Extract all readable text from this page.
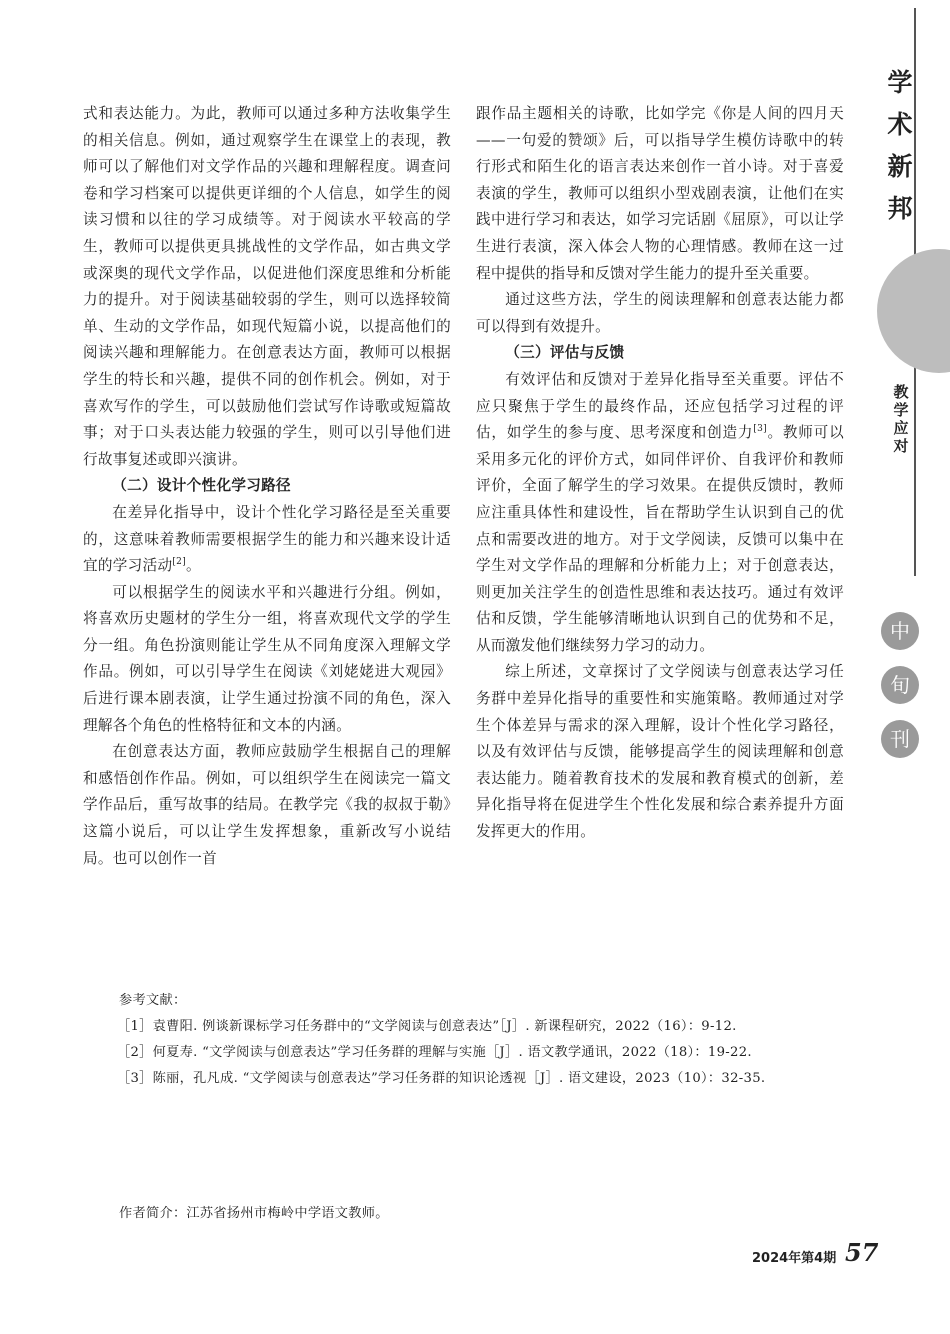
学
术
新
邦
教
学
应
对
中
旬
刊

式和表达能力。为此，教师可以通过多种方法收集学生的相关信息。例如，通过观察学生在课堂上的表现，教师可以了解他们对文学作品的兴趣和理解程度。调查问卷和学习档案可以提供更详细的个人信息，如学生的阅读习惯和以往的学习成绩等。对于阅读水平较高的学生，教师可以提供更具挑战性的文学作品，如古典文学或深奥的现代文学作品，以促进他们深度思维和分析能力的提升。对于阅读基础较弱的学生，则可以选择较简单、生动的文学作品，如现代短篇小说，以提高他们的阅读兴趣和理解能力。在创意表达方面，教师可以根据学生的特长和兴趣，提供不同的创作机会。例如，对于喜欢写作的学生，可以鼓励他们尝试写作诗歌或短篇故事；对于口头表达能力较强的学生，则可以引导他们进行故事复述或即兴演讲。

（二）设计个性化学习路径

在差异化指导中，设计个性化学习路径是至关重要的，这意味着教师需要根据学生的能力和兴趣来设计适宜的学习活动[2]。

可以根据学生的阅读水平和兴趣进行分组。例如，将喜欢历史题材的学生分一组，将喜欢现代文学的学生分一组。角色扮演则能让学生从不同角度深入理解文学作品。例如，可以引导学生在阅读《刘姥姥进大观园》后进行课本剧表演，让学生通过扮演不同的角色，深入理解各个角色的性格特征和文本的内涵。

在创意表达方面，教师应鼓励学生根据自己的理解和感悟创作作品。例如，可以组织学生在阅读完一篇文学作品后，重写故事的结局。在教学完《我的叔叔于勒》这篇小说后，可以让学生发挥想象，重新改写小说结局。也可以创作一首

跟作品主题相关的诗歌，比如学完《你是人间的四月天——一句爱的赞颂》后，可以指导学生模仿诗歌中的转行形式和陌生化的语言表达来创作一首小诗。对于喜爱表演的学生，教师可以组织小型戏剧表演，让他们在实践中进行学习和表达，如学习完话剧《屈原》，可以让学生进行表演，深入体会人物的心理情感。教师在这一过程中提供的指导和反馈对学生能力的提升至关重要。

通过这些方法，学生的阅读理解和创意表达能力都可以得到有效提升。

（三）评估与反馈

有效评估和反馈对于差异化指导至关重要。评估不应只聚焦于学生的最终作品，还应包括学习过程的评估，如学生的参与度、思考深度和创造力[3]。教师可以采用多元化的评价方式，如同伴评价、自我评价和教师评价，全面了解学生的学习效果。在提供反馈时，教师应注重具体性和建设性，旨在帮助学生认识到自己的优点和需要改进的地方。对于文学阅读，反馈可以集中在学生对文学作品的理解和分析能力上；对于创意表达，则更加关注学生的创造性思维和表达技巧。通过有效评估和反馈，学生能够清晰地认识到自己的优势和不足，从而激发他们继续努力学习的动力。

综上所述，文章探讨了文学阅读与创意表达学习任务群中差异化指导的重要性和实施策略。教师通过对学生个体差异与需求的深入理解，设计个性化学习路径，以及有效评估与反馈，能够提高学生的阅读理解和创意表达能力。随着教育技术的发展和教育模式的创新，差异化指导将在促进学生个性化发展和综合素养提升方面发挥更大的作用。

参考文献：
［1］袁曹阳. 例谈新课标学习任务群中的“文学阅读与创意表达”［J］. 新课程研究，2022（16）：9-12.
［2］何夏寿. “文学阅读与创意表达”学习任务群的理解与实施［J］. 语文教学通讯，2022（18）：19-22.
［3］陈丽，孔凡成. “文学阅读与创意表达”学习任务群的知识论透视［J］. 语文建设，2023（10）：32-35.
作者简介：江苏省扬州市梅岭中学语文教师。
2024年第4期 57
